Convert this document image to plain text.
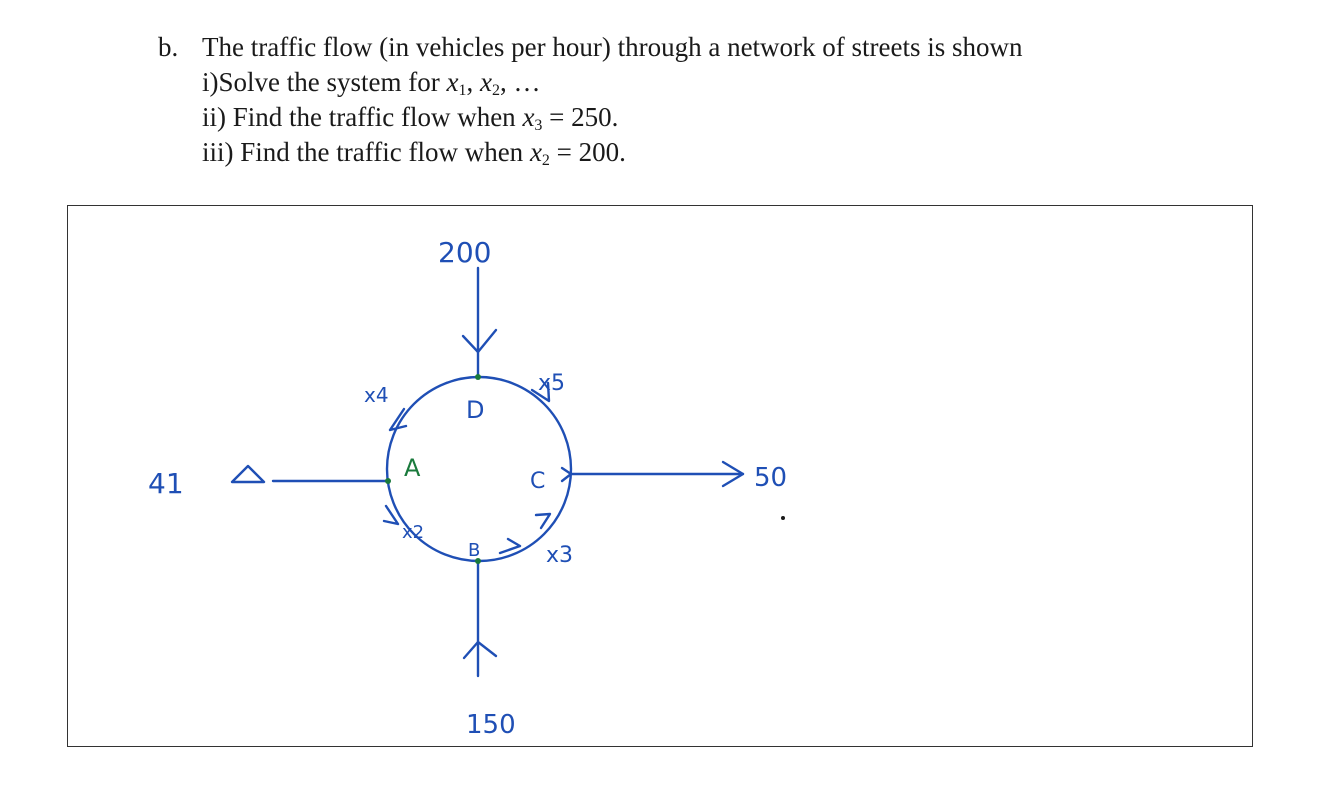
b. The traffic flow (in vehicles per hour) through a network of streets is shown
i)Solve the system for $x_1$, $x_2$, …
ii) Find the traffic flow when $x_3 = 250$.
iii) Find the traffic flow when $x_2 = 200$.
200
150
41	50
x4	x5
x2
x3
D
A
B
C
